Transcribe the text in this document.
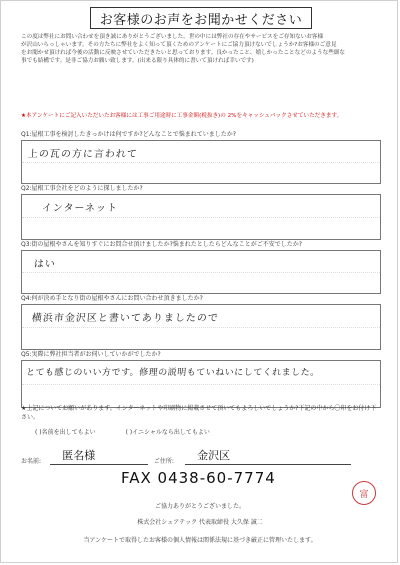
お客様のお声をお聞かせください

この度は弊社にお問い合わせを頂き誠にありがとうございました。世の中には弊社の存在やサービスをご存知ないお客様

が沢山いらっしゃいます。その方たちに弊社をよく知って頂くためのアンケートにご協力頂けないでしょうか?お客様のご意見

をお聞かせ頂ければ今後の活動に反映させていただきたいと思っております。良かったこと、嬉しかったことなどのような些細な

事でも結構です。是非ご協力お願い致します。(出来る限り具体的に書いて頂ければ幸いです)

★本アンケートにご記入いただいたお客様には工事ご用途時に工事金額(税抜き)の 2%をキャッシュバックさせていただきます。
Q1:屋根工事を検討したきっかけは何ですか?どんなことで悩まれていましたか?
上の瓦の方に言われて
Q2:屋根工事会社をどのように探しましたか?
インターネット
Q3:街の屋根やさんを知りすぐにお問合せ頂けましたか?悩まれたとしたらどんなことがご不安でしたか?
はい
Q4:何が決め手となり街の屋根やさんにお問い合わせ頂きましたか?
横浜市金沢区と書いてありましたので
Q5:実際に弊社担当者がお伺いしていかがでしたか?
とても感じのいい方です。修理の説明もていねいにしてくれました。
★上記についてお願いがあります。インターネットや印刷物に掲載させて頂いてもよろしいでしょうか?下記の中から〇印をお付け下さい。
( )名前を出してもよい	( )イニシャルなら出してもよい
お名前:	匿名様	ご住所:	金沢区
FAX 0438-60-7774
富
ご協力ありがとうございました。
株式会社シェアテック 代表取締役 大久保 誠二
当アンケートで取得したお客様の個人情報は関係法規に基づき厳正に管理いたします。
